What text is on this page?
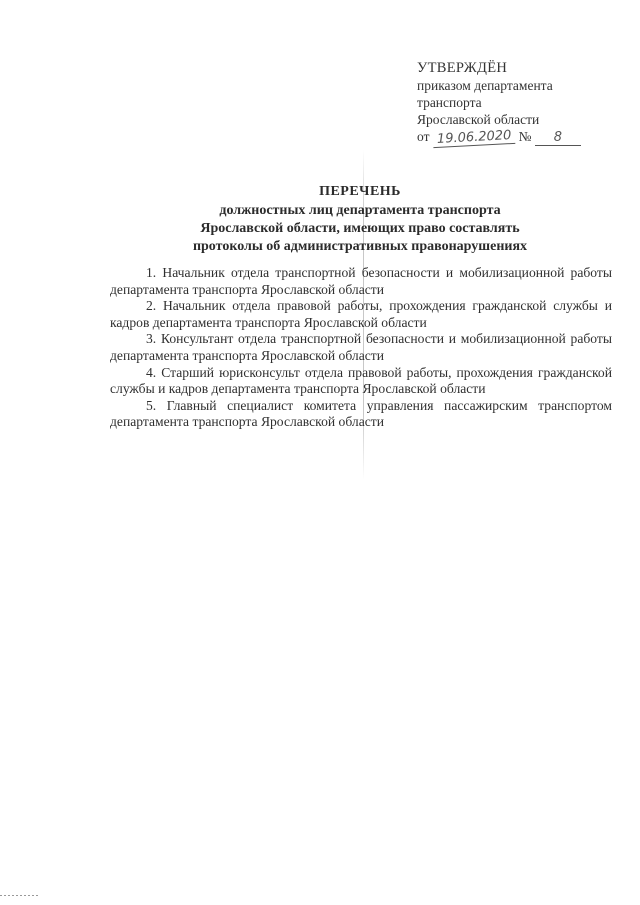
УТВЕРЖДЁН
приказом департамента
транспорта
Ярославской области
от 19.06.2020 № 8
ПЕРЕЧЕНЬ
должностных лиц департамента транспорта
Ярославской области, имеющих право составлять
протоколы об административных правонарушениях

1. Начальник отдела транспортной безопасности и мобилизационной работы департамента транспорта Ярославской области

2. Начальник отдела правовой работы, прохождения гражданской службы и кадров департамента транспорта Ярославской области

3. Консультант отдела транспортной безопасности и мобилизационной работы департамента транспорта Ярославской области

4. Старший юрисконсульт отдела правовой работы, прохождения гражданской службы и кадров департамента транспорта Ярославской области

5. Главный специалист комитета управления пассажирским транспортом департамента транспорта Ярославской области
